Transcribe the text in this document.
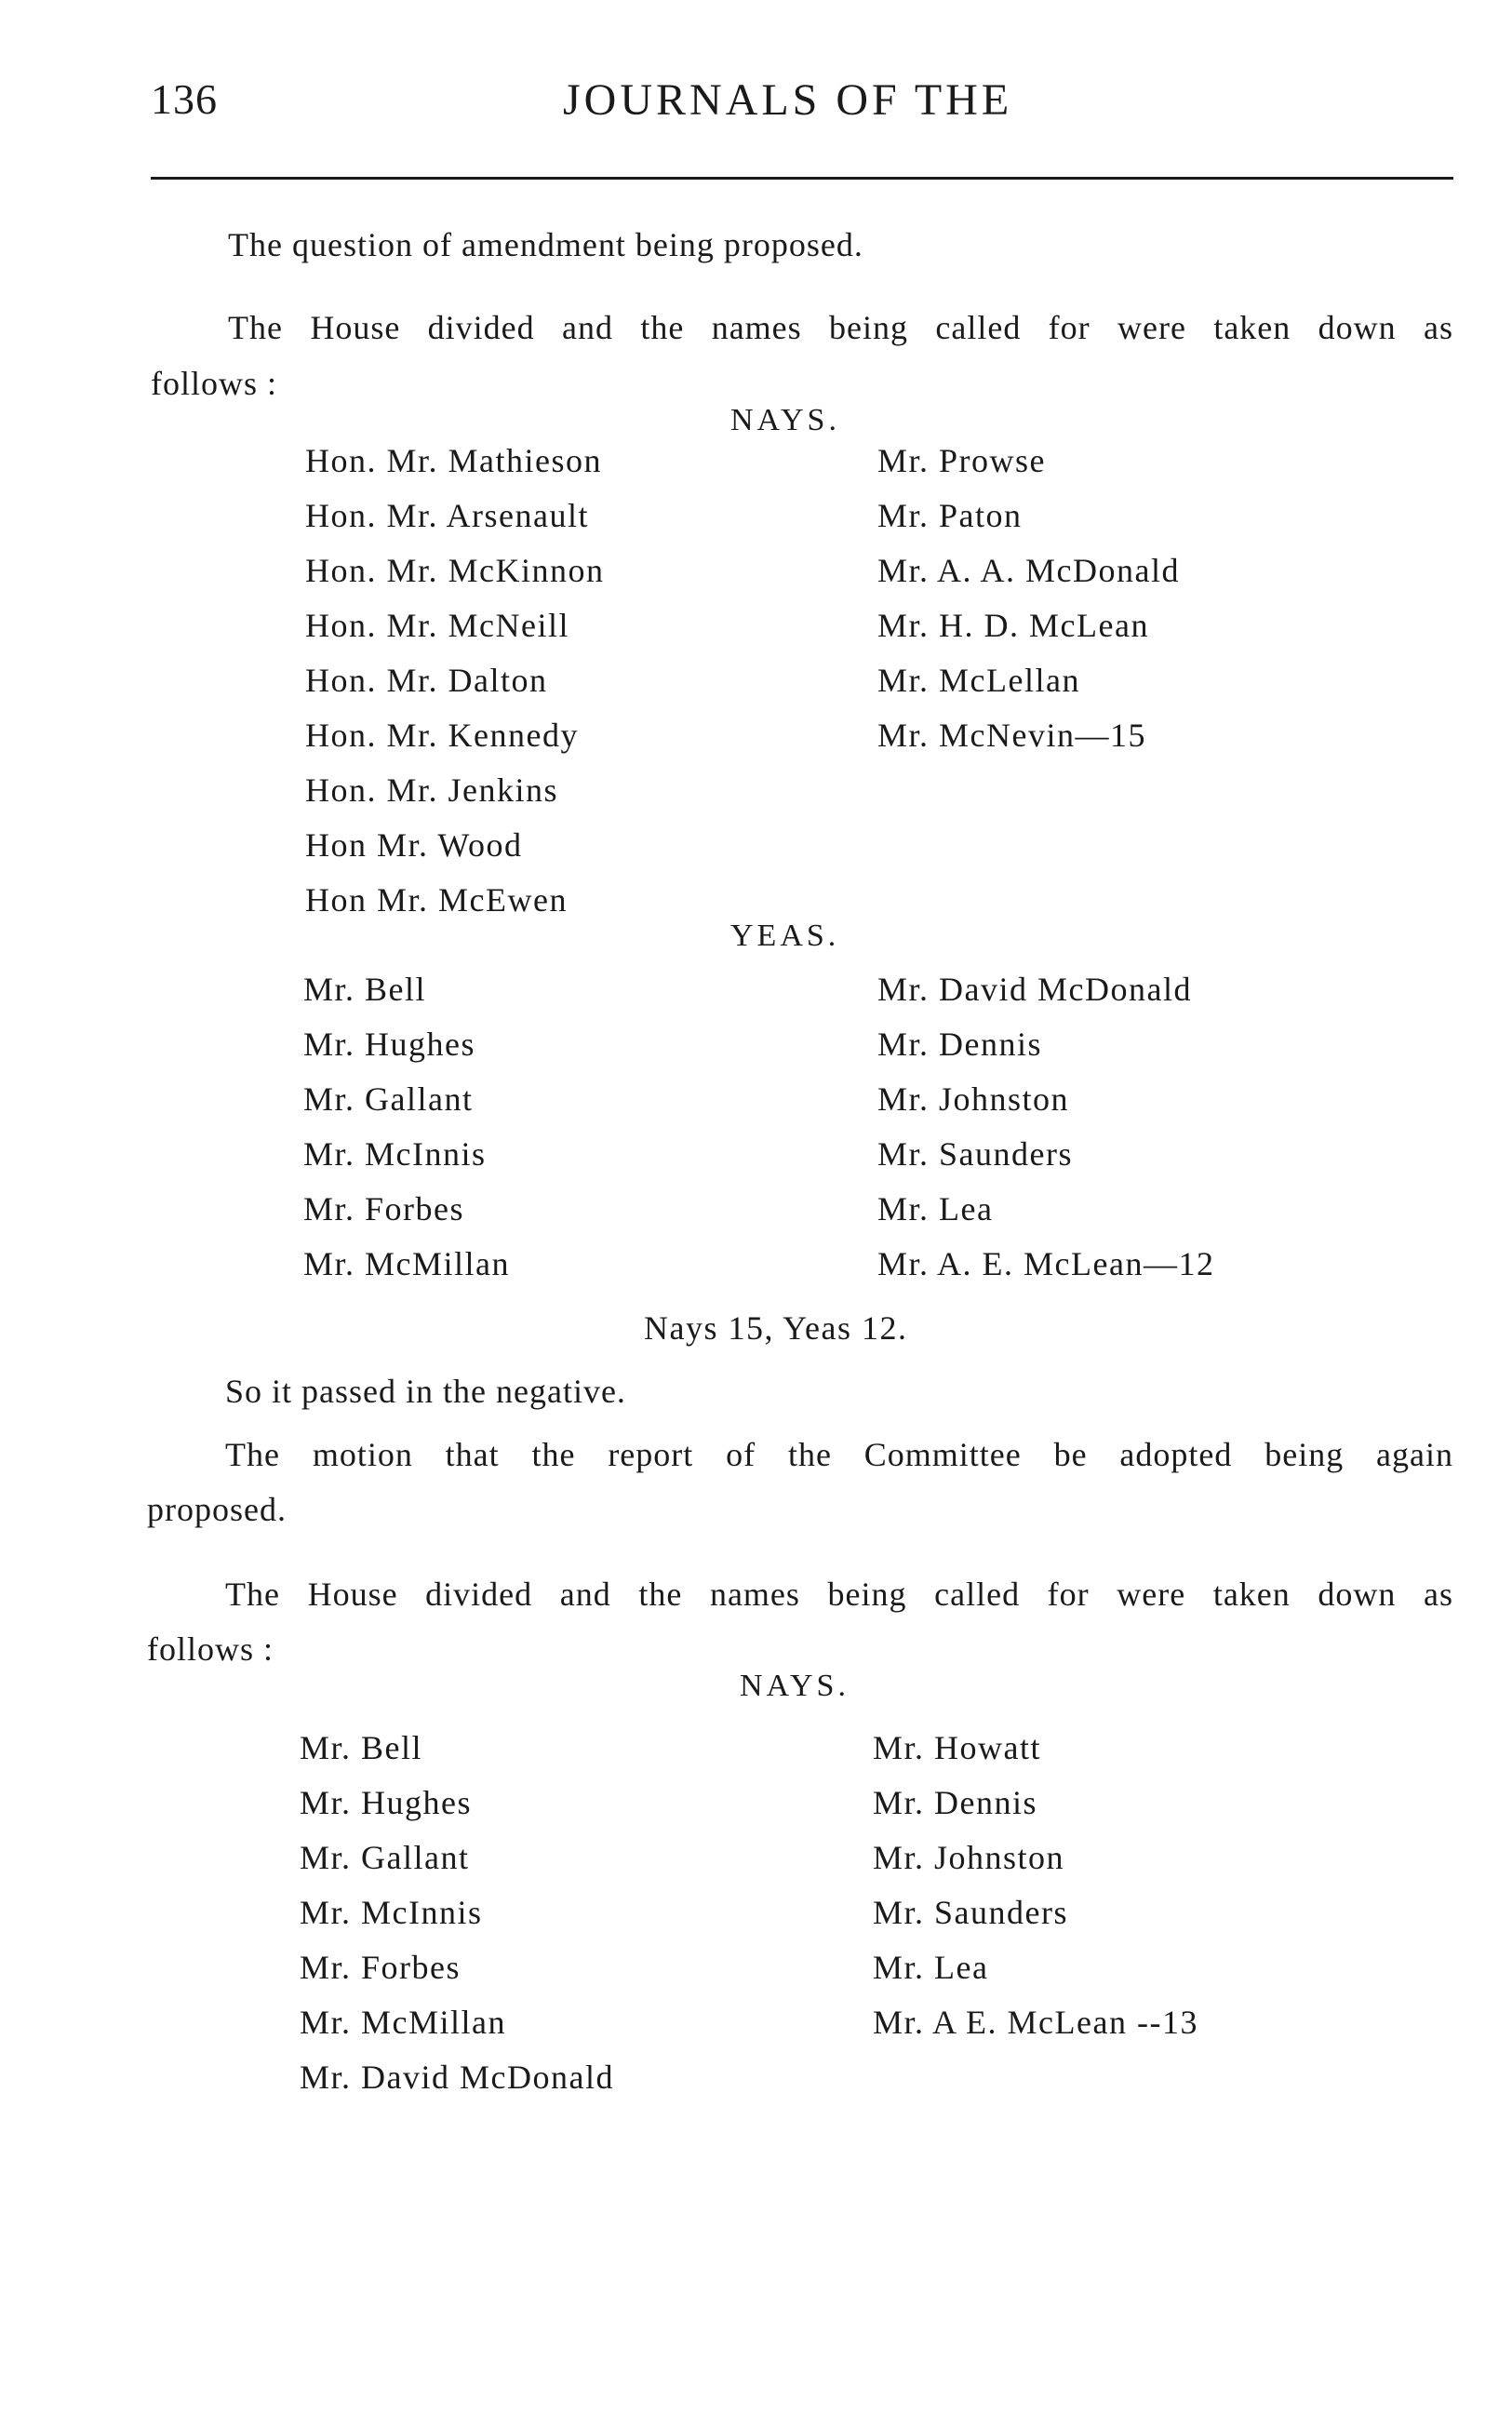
136	JOURNALS OF THE
The question of amendment being proposed.
The House divided and the names being called for were taken down as
follows :
NAYS.
Hon. Mr. Mathieson
Hon. Mr. Arsenault
Hon. Mr. McKinnon
Hon. Mr. McNeill
Hon. Mr. Dalton
Hon. Mr. Kennedy
Hon. Mr. Jenkins
Hon Mr. Wood
Hon Mr. McEwen
Mr. Prowse
Mr. Paton
Mr. A. A. McDonald
Mr. H. D. McLean
Mr. McLellan
Mr. McNevin—15
YEAS.
Mr. Bell
Mr. Hughes
Mr. Gallant
Mr. McInnis
Mr. Forbes
Mr. McMillan
Mr. David McDonald
Mr. Dennis
Mr. Johnston
Mr. Saunders
Mr. Lea
Mr. A. E. McLean—12
Nays 15, Yeas 12.
So it passed in the negative.
The motion that the report of the Committee be adopted being again
proposed.
The House divided and the names being called for were taken down as
follows :
NAYS.
Mr. Bell
Mr. Hughes
Mr. Gallant
Mr. McInnis
Mr. Forbes
Mr. McMillan
Mr. David McDonald
Mr. Howatt
Mr. Dennis
Mr. Johnston
Mr. Saunders
Mr. Lea
Mr. A E. McLean --13
